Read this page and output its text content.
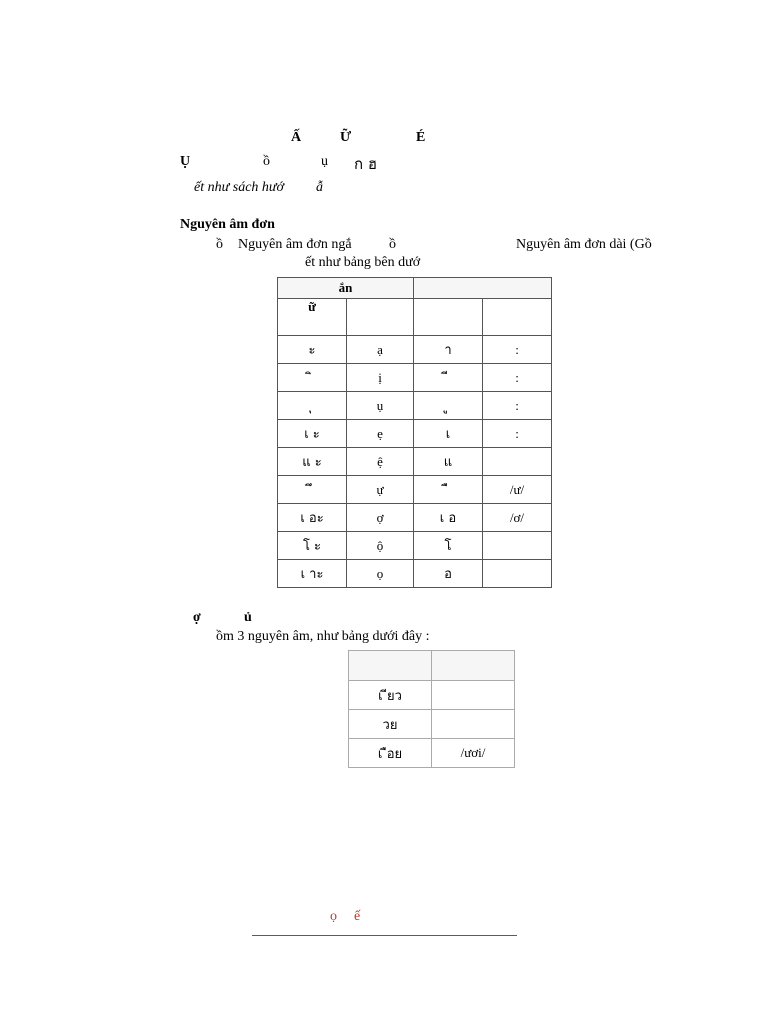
Ấ	Ữ	É
Ụ	ồ	ụ ก ฮ
ết như sách hướ ẫ
Nguyên âm đơn
ồ Nguyên âm đơn ngắ	ồ	Nguyên âm đơn dài (Gồ
ết như bảng bên dướ
ắn			
ữ			
ะ	ạ	า	:
	ị		:
	ụ		:
เ ะ	ẹ	เ	:
แ ะ	ệ	แ	
	ự		/ư/
เ อะ	ợ	เ อ	/ơ/
โ ะ	ộ	โ	
เ าะ	ọ	อ	
ợ	ủ
ồm 3 nguyên âm, như bảng dưới đây :

เ ียว	
วย	
เ ือย	/ươi/
ọ ế
